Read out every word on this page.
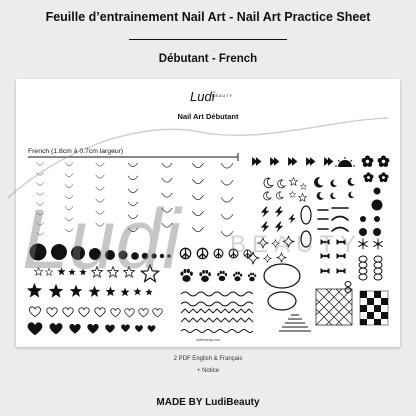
Feuille d’entrainement Nail Art - Nail Art Practice Sheet
Débutant - French
Ludi
BEAUTY
Nail Art Débutant
French (1.8cm à 0.7cm largeur)
ludibeauty.com
Ludi BEAUTY
2 PDF English & Français
+ Notice
MADE BY LudiBeauty
